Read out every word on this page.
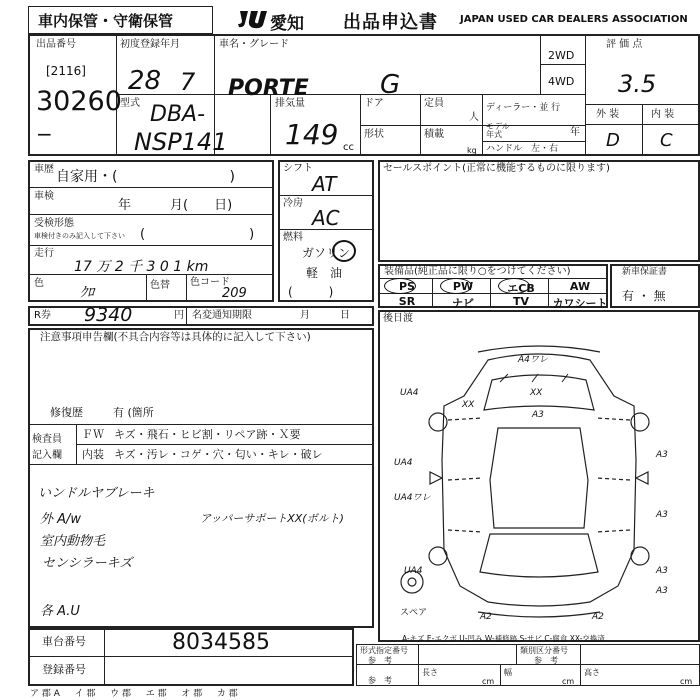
車内保管・守衛保管	愛知 出品申込書 JAPAN USED CAR DEALERS ASSOCIATION
出品番号
[2116]
30260
−
初度登録年月
28 7
車名・グレード
PORTE	G
2WD
4WD
評 価 点
3.5
外 装	内 装
D C
型式 DBA-
NSP141
排気量
149 cc
ドア	定員
人
形状	積載
kg
ディーラー・並 行
モデル
年式	年
ハンドル　左・右
車歴 自家用・(　　　　　　　　)
車検
年　　　月(　　日)
受検形態
車検付きのみ記入して下さい (　　　　　　　　)
走行
17 万 2 千 3 0 1 km
色
ｸﾛ	色替 色コード
209
R券 9340	円 名変通知期限	月　　　日
シフト
AT
冷房
AC
燃料
ガソリン
軽　油
(　　　)
セールスポイント(正常に機能するものに限ります)
装備品(純正品に限り○をつけてください)
PS	PW	エCB	AW
SR	ナビ	TV	カワシート
新車保証書
有 ・ 無
注意事項申告欄(不具合内容等は具体的に記入して下さい)
修復歴	有 (箇所
検査員
記入欄
ＦＷ キズ・飛石・ヒビ割・リペア跡・Ｘ要
内装 キズ・汚レ・コゲ・穴・匂い・キレ・破レ
いンドルヤブレーキ
外 A/w
室内動物毛
センシラーキズ
アッパーサポートXX(ボルト)
各 A.U
後日渡
A4ワレ
XX
A3
XX
UA4
A3
UA4
A3
UA4ワレ
A3
UA4
A3
A2	A2
スペア
A-キズ E-エクボ U-凹み W-補修跡 S-サビ C-腐食 XX-交換済
車台番号	8034585
登録番号
形式指定番号
参　考
類別区分番号
参　考
長さ
cm
幅
cm
高さ
cm
参　考
ア 郡 A 　 イ 郡 　 ウ 郡 　 エ 郡 　 オ 郡 　 カ 郡
